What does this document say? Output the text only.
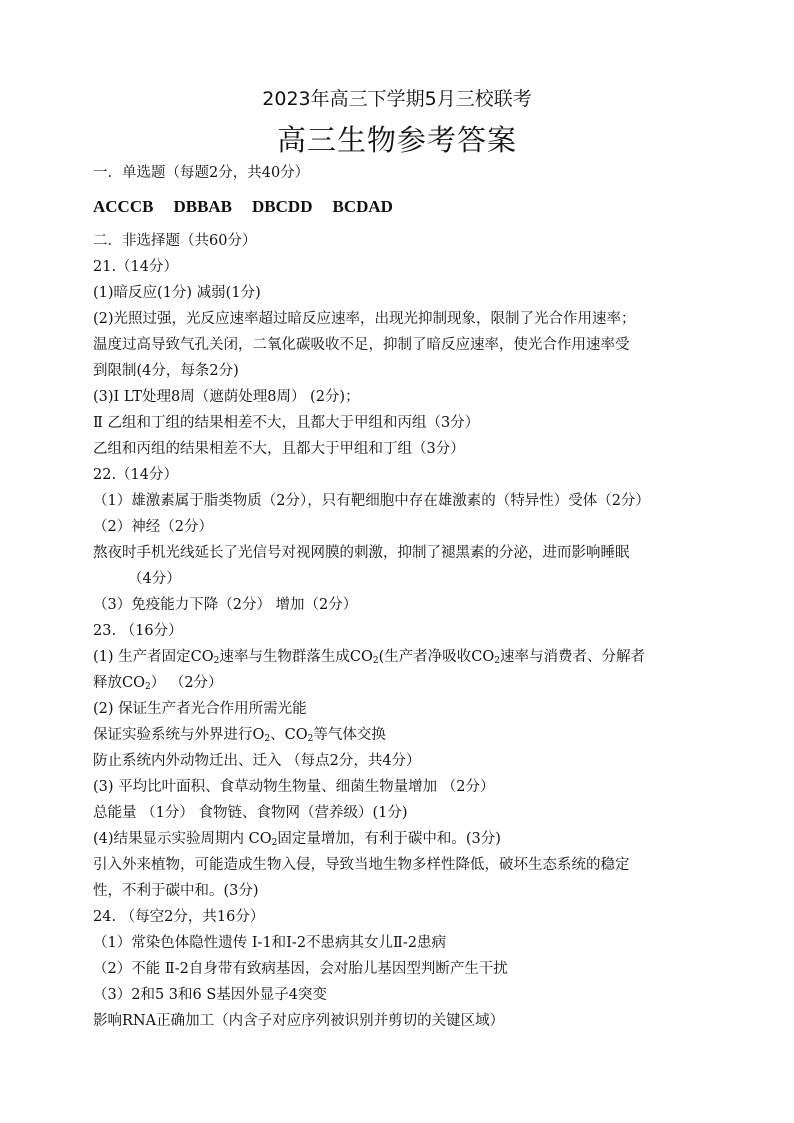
2023年高三下学期5月三校联考
高三生物参考答案
一．单选题（每题2分，共40分）
ACCCB DBBAB DBCDD BCDAD
二．非选择题（共60分）
21.（14分）
(1)暗反应(1分) 减弱(1分)
(2)光照过强，光反应速率超过暗反应速率，出现光抑制现象，限制了光合作用速率；
温度过高导致气孔关闭，二氧化碳吸收不足，抑制了暗反应速率，使光合作用速率受
到限制(4分，每条2分)
(3)Ⅰ LT处理8周（遮荫处理8周） (2分)；
Ⅱ 乙组和丁组的结果相差不大，且都大于甲组和丙组（3分）
乙组和丙组的结果相差不大，且都大于甲组和丁组（3分）
22.（14分）
（1）雄激素属于脂类物质（2分），只有靶细胞中存在雄激素的（特异性）受体（2分）
（2）神经（2分）
熬夜时手机光线延长了光信号对视网膜的刺激，抑制了褪黑素的分泌，进而影响睡眠
（4分）
（3）免疫能力下降（2分） 增加（2分）
23. （16分）
(1) 生产者固定$CO_2$速率与生物群落生成$CO_2$(生产者净吸收$CO_2$速率与消费者、分解者
释放$CO_2$） （2分）
(2) 保证生产者光合作用所需光能
保证实验系统与外界进行$O_2$、$CO_2$等气体交换
防止系统内外动物迁出、迁入 （每点2分，共4分）
(3) 平均比叶面积、食草动物生物量、细菌生物量增加 （2分）
总能量 （1分） 食物链、食物网（营养级）(1分)
(4)结果显示实验周期内 $CO_2$固定量增加，有利于碳中和。(3分)
引入外来植物，可能造成生物入侵，导致当地生物多样性降低，破坏生态系统的稳定
性，不利于碳中和。(3分)
24. （每空2分，共16分）
（1）常染色体隐性遗传 Ⅰ-1和Ⅰ-2不患病其女儿Ⅱ-2患病
（2）不能 Ⅱ-2自身带有致病基因，会对胎儿基因型判断产生干扰
（3）2和5 3和6 S基因外显子4突变
影响RNA正确加工（内含子对应序列被识别并剪切的关键区域）
